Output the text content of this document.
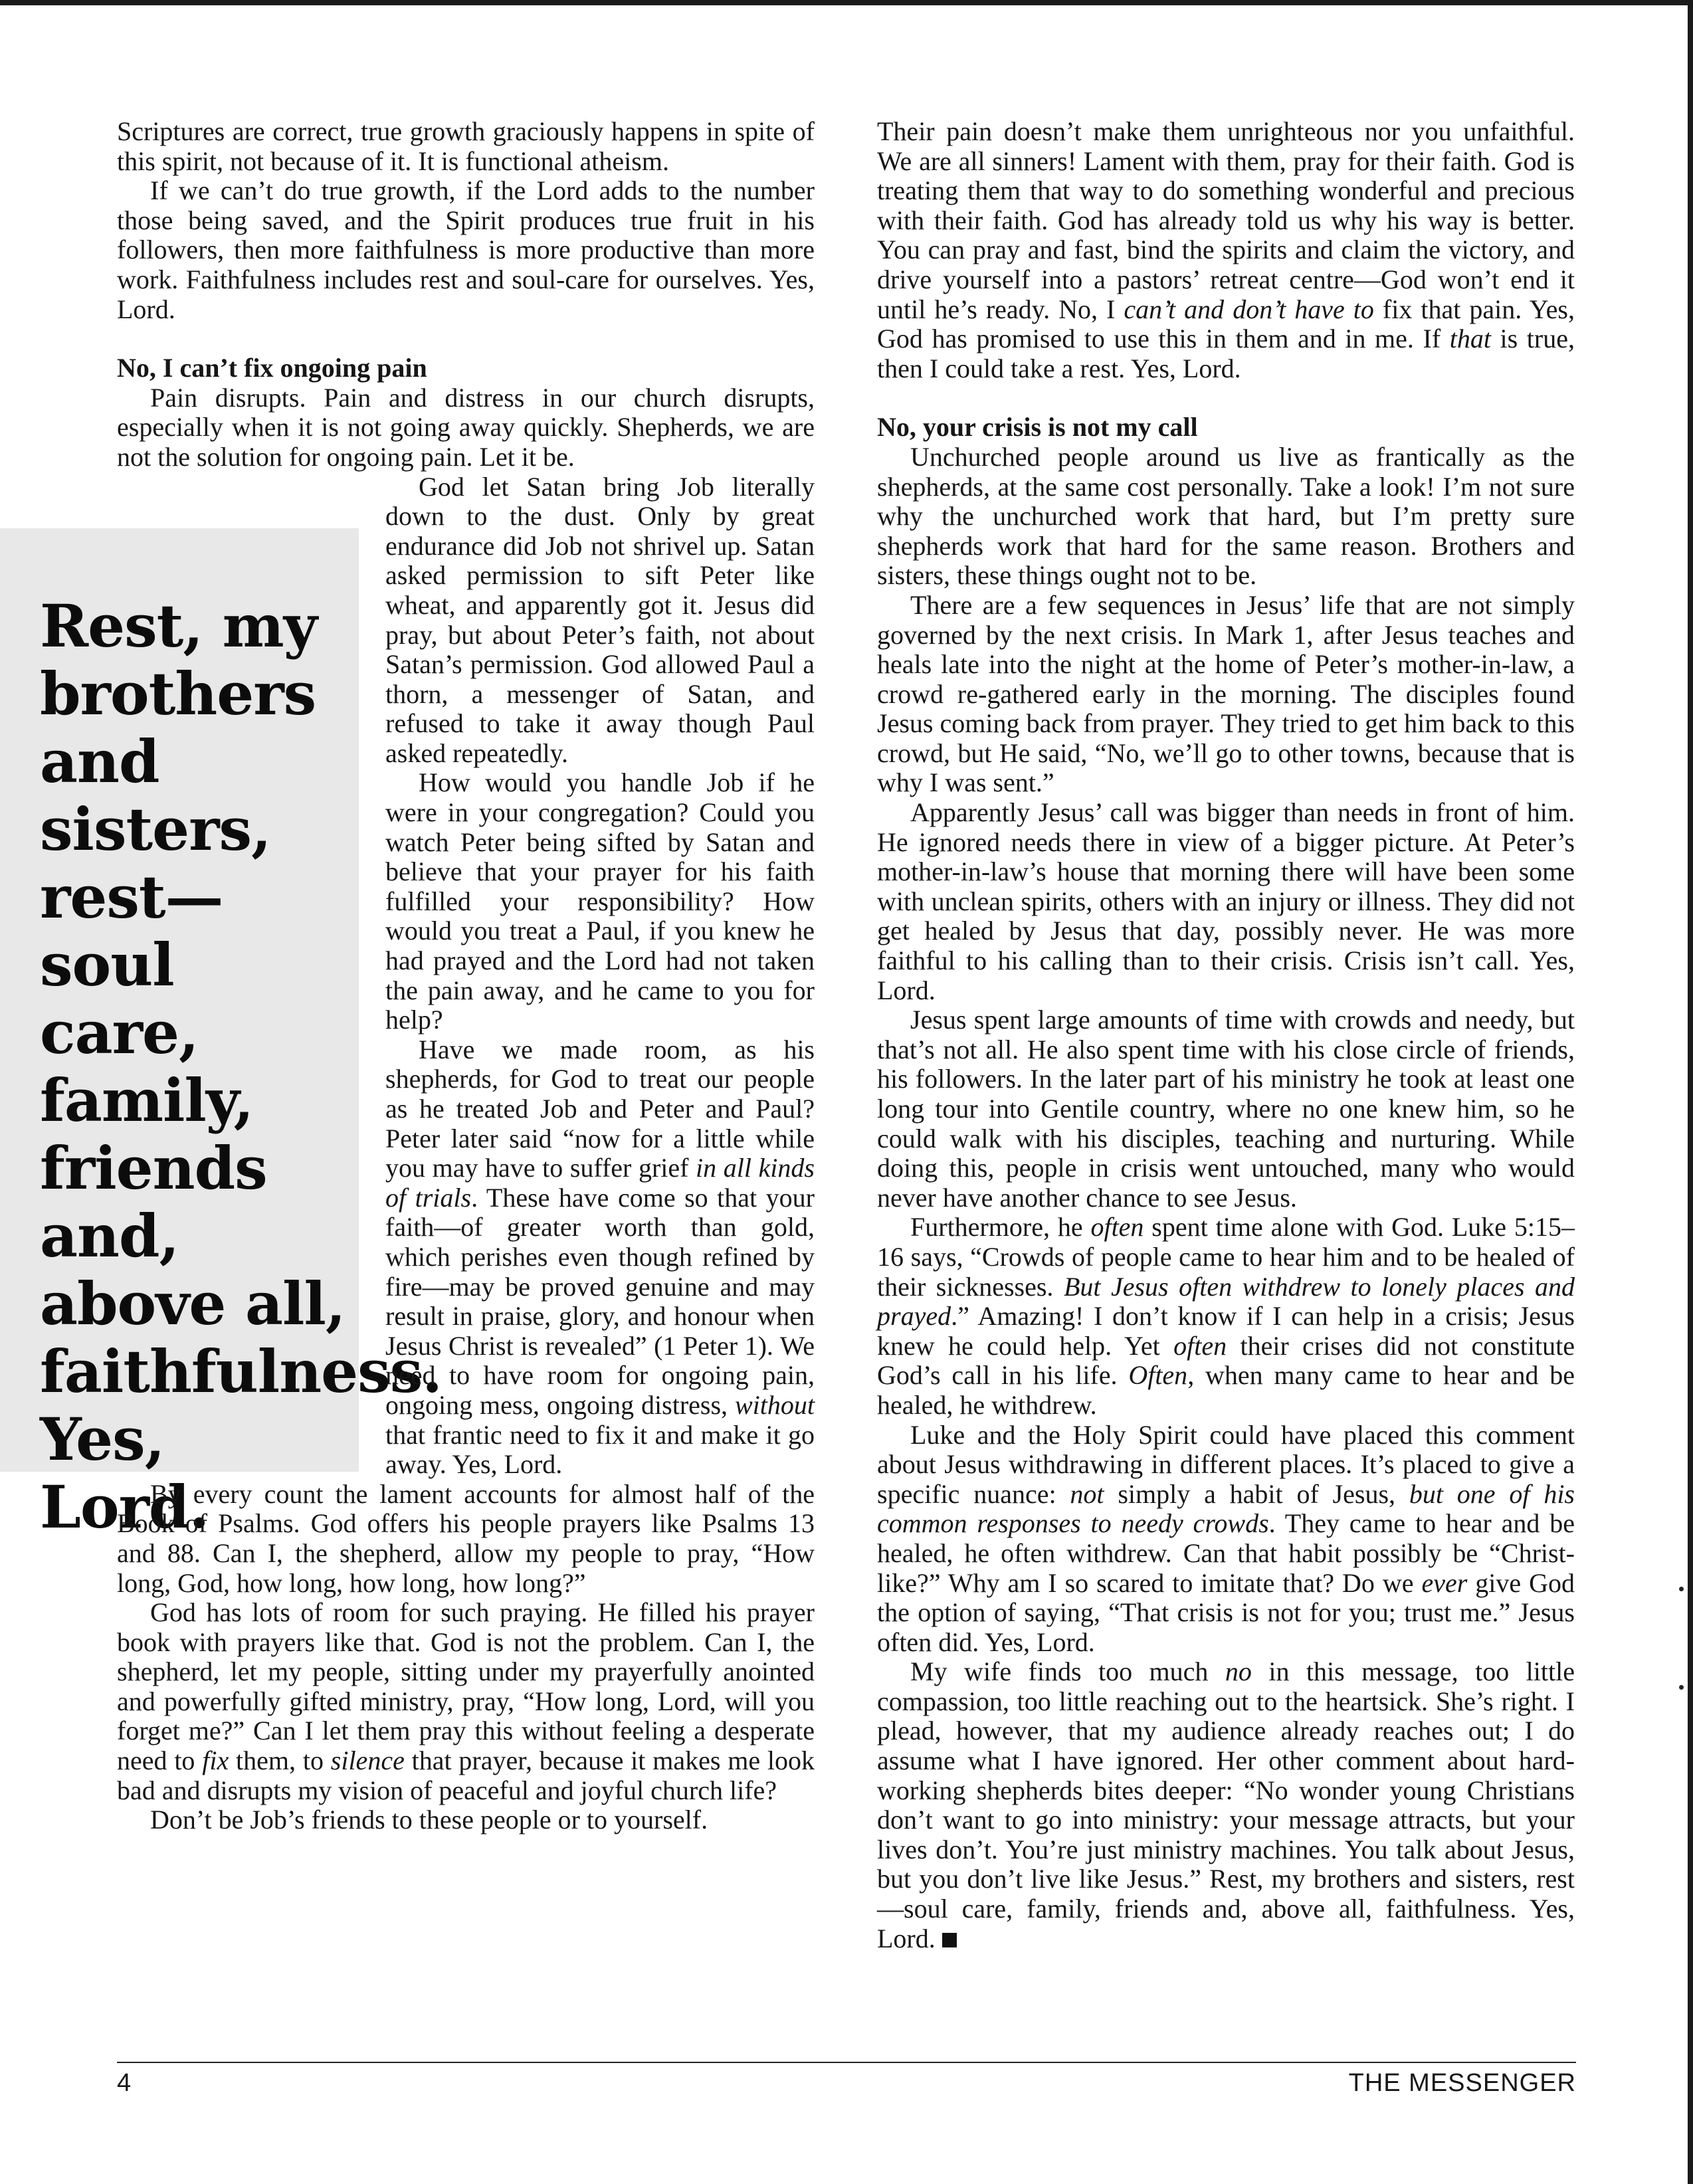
Scriptures are correct, true growth graciously happens in spite of this spirit, not because of it. It is functional atheism.

If we can’t do true growth, if the Lord adds to the number those being saved, and the Spirit produces true fruit in his followers, then more faithfulness is more productive than more work. Faithfulness includes rest and soul-care for ourselves. Yes, Lord.

No, I can’t fix ongoing pain

Pain disrupts. Pain and distress in our church disrupts, especially when it is not going away quickly. Shepherds, we are not the solution for ongoing pain. Let it be.

Rest, my brothers and sisters, rest—soul care, family, friends and, above all, faithfulness. Yes, Lord.

God let Satan bring Job literally down to the dust. Only by great endurance did Job not shrivel up. Satan asked permission to sift Peter like wheat, and apparently got it. Jesus did pray, but about Peter’s faith, not about Satan’s permission. God allowed Paul a thorn, a messenger of Satan, and refused to take it away though Paul asked repeatedly.

How would you handle Job if he were in your congregation? Could you watch Peter being sifted by Satan and believe that your prayer for his faith fulfilled your responsibility? How would you treat a Paul, if you knew he had prayed and the Lord had not taken the pain away, and he came to you for help?

Have we made room, as his shepherds, for God to treat our people as he treated Job and Peter and Paul? Peter later said “now for a little while you may have to suffer grief in all kinds of trials. These have come so that your faith—of greater worth than gold, which perishes even though refined by fire—may be proved genuine and may result in praise, glory, and honour when Jesus Christ is revealed” (1 Peter 1). We need to have room for ongoing pain, ongoing mess, ongoing distress, without that frantic need to fix it and make it go away. Yes, Lord.

By every count the lament accounts for almost half of the Book of Psalms. God offers his people prayers like Psalms 13 and 88. Can I, the shepherd, allow my people to pray, “How long, God, how long, how long, how long?”

God has lots of room for such praying. He filled his prayer book with prayers like that. God is not the problem. Can I, the shepherd, let my people, sitting under my prayerfully anointed and powerfully gifted ministry, pray, “How long, Lord, will you forget me?” Can I let them pray this without feeling a desperate need to fix them, to silence that prayer, because it makes me look bad and disrupts my vision of peaceful and joyful church life?

Don’t be Job’s friends to these people or to yourself.

Their pain doesn’t make them unrighteous nor you unfaithful. We are all sinners! Lament with them, pray for their faith. God is treating them that way to do something wonderful and precious with their faith. God has already told us why his way is better. You can pray and fast, bind the spirits and claim the victory, and drive yourself into a pastors’ retreat centre—God won’t end it until he’s ready. No, I can’t and don’t have to fix that pain. Yes, God has promised to use this in them and in me. If that is true, then I could take a rest. Yes, Lord.

No, your crisis is not my call

Unchurched people around us live as frantically as the shepherds, at the same cost personally. Take a look! I’m not sure why the unchurched work that hard, but I’m pretty sure shepherds work that hard for the same reason. Brothers and sisters, these things ought not to be.

There are a few sequences in Jesus’ life that are not simply governed by the next crisis. In Mark 1, after Jesus teaches and heals late into the night at the home of Peter’s mother-in-law, a crowd re-gathered early in the morning. The disciples found Jesus coming back from prayer. They tried to get him back to this crowd, but He said, “No, we’ll go to other towns, because that is why I was sent.”

Apparently Jesus’ call was bigger than needs in front of him. He ignored needs there in view of a bigger picture. At Peter’s mother-in-law’s house that morning there will have been some with unclean spirits, others with an injury or illness. They did not get healed by Jesus that day, possibly never. He was more faithful to his calling than to their crisis. Crisis isn’t call. Yes, Lord.

Jesus spent large amounts of time with crowds and needy, but that’s not all. He also spent time with his close circle of friends, his followers. In the later part of his ministry he took at least one long tour into Gentile country, where no one knew him, so he could walk with his disciples, teaching and nurturing. While doing this, people in crisis went untouched, many who would never have another chance to see Jesus.

Furthermore, he often spent time alone with God. Luke 5:15–16 says, “Crowds of people came to hear him and to be healed of their sicknesses. But Jesus often withdrew to lonely places and prayed.” Amazing! I don’t know if I can help in a crisis; Jesus knew he could help. Yet often their crises did not constitute God’s call in his life. Often, when many came to hear and be healed, he withdrew.

Luke and the Holy Spirit could have placed this comment about Jesus withdrawing in different places. It’s placed to give a specific nuance: not simply a habit of Jesus, but one of his common responses to needy crowds. They came to hear and be healed, he often withdrew. Can that habit possibly be “Christ-like?” Why am I so scared to imitate that? Do we ever give God the option of saying, “That crisis is not for you; trust me.” Jesus often did. Yes, Lord.

My wife finds too much no in this message, too little compassion, too little reaching out to the heartsick. She’s right. I plead, however, that my audience already reaches out; I do assume what I have ignored. Her other comment about hard-working shepherds bites deeper: “No wonder young Christians don’t want to go into ministry: your message attracts, but your lives don’t. You’re just ministry machines. You talk about Jesus, but you don’t live like Jesus.” Rest, my brothers and sisters, rest—soul care, family, friends and, above all, faithfulness. Yes, Lord.

4	THE MESSENGER
